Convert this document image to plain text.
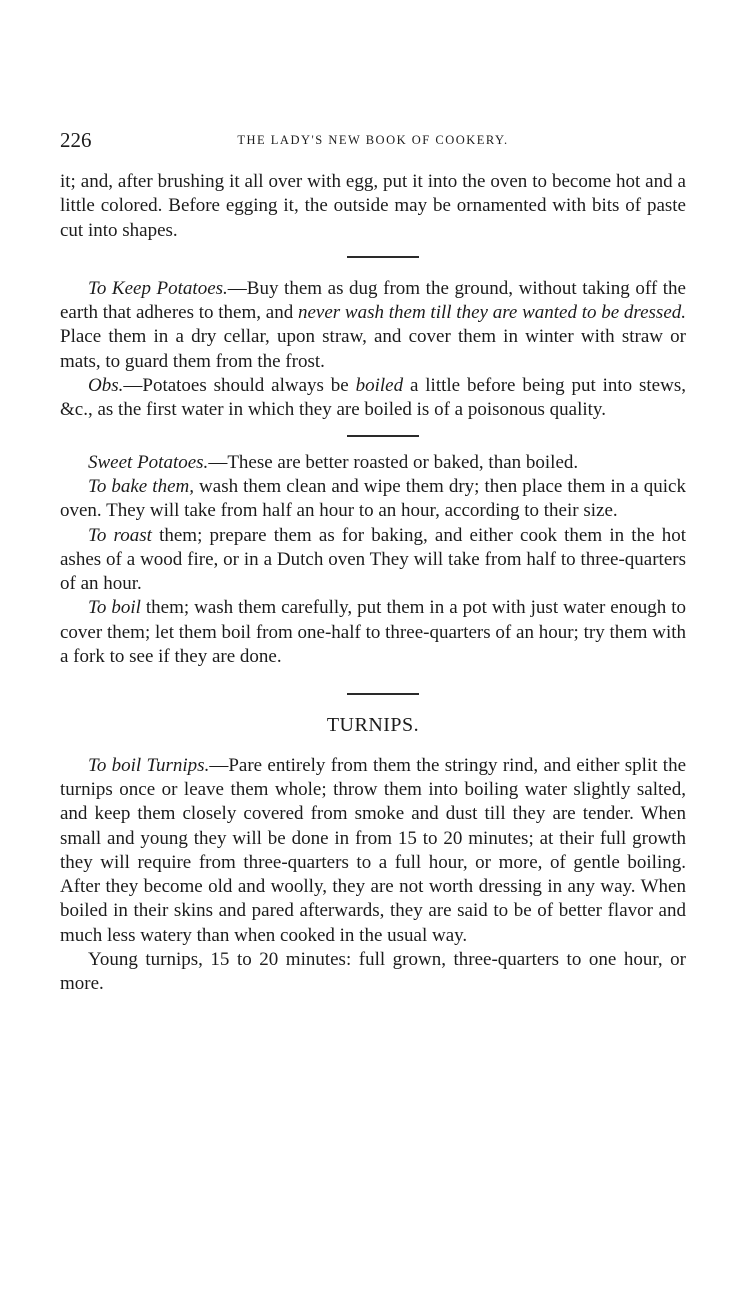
226	THE LADY'S NEW BOOK OF COOKERY.

it; and, after brushing it all over with egg, put it into the oven to become hot and a little colored. Before egging it, the outside may be ornamented with bits of paste cut into shapes.

To Keep Potatoes.—Buy them as dug from the ground, without taking off the earth that adheres to them, and never wash them till they are wanted to be dressed. Place them in a dry cellar, upon straw, and cover them in winter with straw or mats, to guard them from the frost.

Obs.—Potatoes should always be boiled a little before being put into stews, &c., as the first water in which they are boiled is of a poisonous quality.

Sweet Potatoes.—These are better roasted or baked, than boiled.

To bake them, wash them clean and wipe them dry; then place them in a quick oven. They will take from half an hour to an hour, according to their size.

To roast them; prepare them as for baking, and either cook them in the hot ashes of a wood fire, or in a Dutch oven They will take from half to three-quarters of an hour.

To boil them; wash them carefully, put them in a pot with just water enough to cover them; let them boil from one-half to three-quarters of an hour; try them with a fork to see if they are done.

TURNIPS.

To boil Turnips.—Pare entirely from them the stringy rind, and either split the turnips once or leave them whole; throw them into boiling water slightly salted, and keep them closely covered from smoke and dust till they are tender. When small and young they will be done in from 15 to 20 minutes; at their full growth they will require from three-quarters to a full hour, or more, of gentle boiling. After they become old and woolly, they are not worth dressing in any way. When boiled in their skins and pared afterwards, they are said to be of better flavor and much less watery than when cooked in the usual way.

Young turnips, 15 to 20 minutes: full grown, three-quarters to one hour, or more.
